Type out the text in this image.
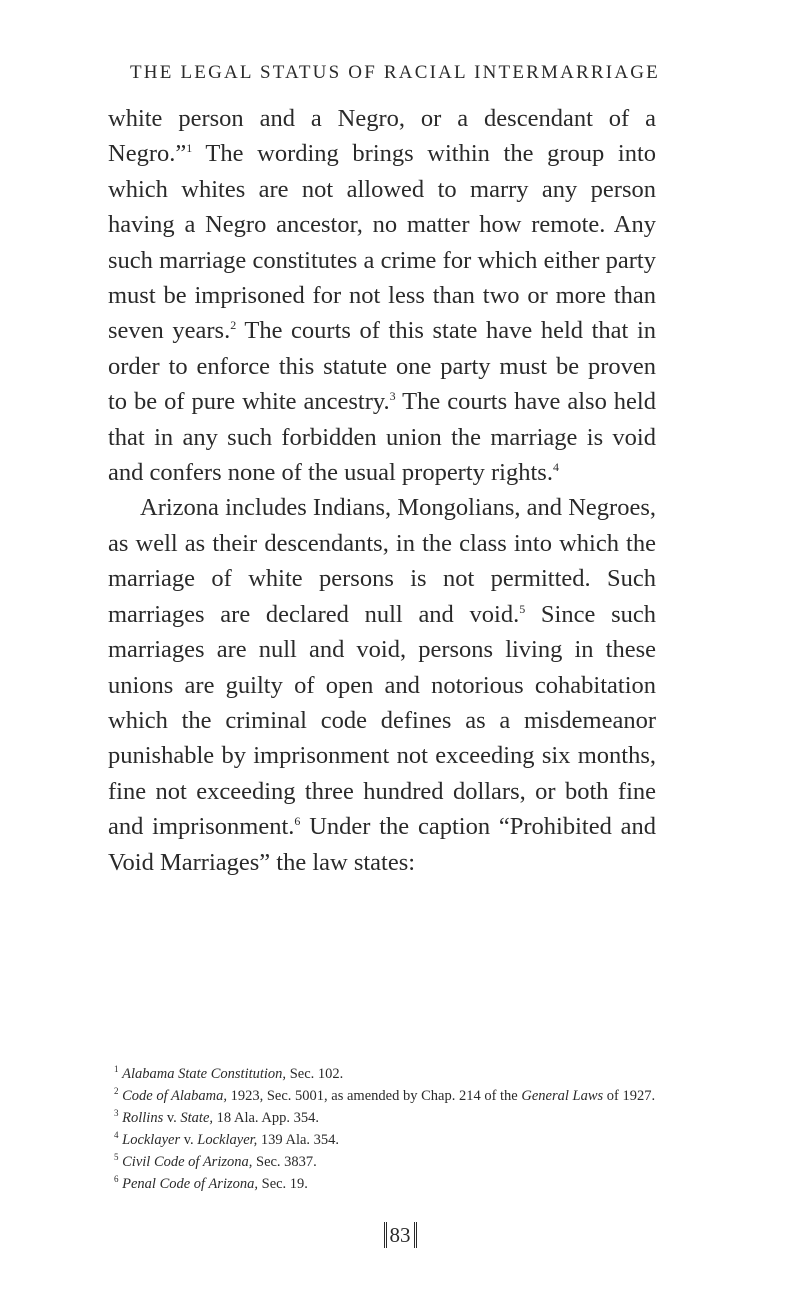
THE LEGAL STATUS OF RACIAL INTERMARRIAGE

white person and a Negro, or a descendant of a Negro.”$^1$ The wording brings within the group into which whites are not allowed to marry any person having a Negro ancestor, no matter how remote. Any such marriage constitutes a crime for which either party must be imprisoned for not less than two or more than seven years.$^2$ The courts of this state have held that in order to enforce this statute one party must be proven to be of pure white ancestry.$^3$ The courts have also held that in any such forbidden union the marriage is void and confers none of the usual property rights.$^4$

Arizona includes Indians, Mongolians, and Negroes, as well as their descendants, in the class into which the marriage of white persons is not permitted. Such marriages are declared null and void.$^5$ Since such marriages are null and void, persons living in these unions are guilty of open and notorious cohabitation which the criminal code defines as a misdemeanor punishable by imprisonment not exceeding six months, fine not exceeding three hundred dollars, or both fine and imprisonment.$^6$ Under the caption “Prohibited and Void Marriages” the law states:

$^1$ Alabama State Constitution, Sec. 102.

$^2$ Code of Alabama, 1923, Sec. 5001, as amended by Chap. 214 of the General Laws of 1927.

$^3$ Rollins v. State, 18 Ala. App. 354.

$^4$ Locklayer v. Locklayer, 139 Ala. 354.

$^5$ Civil Code of Arizona, Sec. 3837.

$^6$ Penal Code of Arizona, Sec. 19.

83
